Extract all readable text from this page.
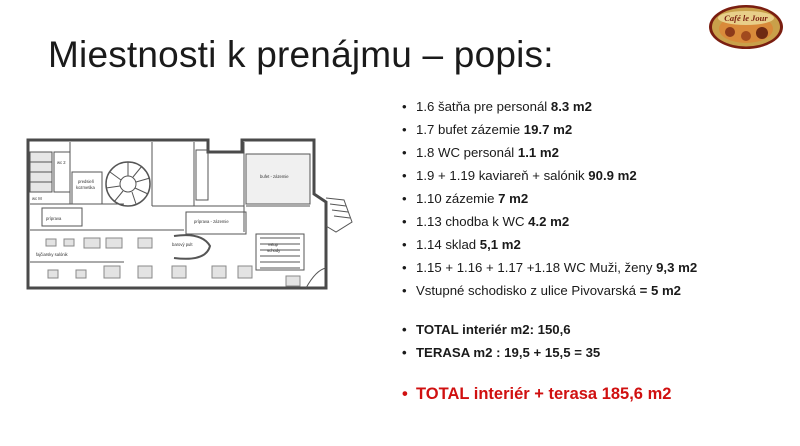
Miestnosti k prenájmu – popis:
Café le Jour
wc 2
predsieň
kozmetika
wc M
bufet - zázemie
príprava
príprava - zázemie
barový pult	vstup
schody
fajčiarsky salónik
• 1.6 šatňa pre personál 8.3 m2
• 1.7 bufet zázemie 19.7 m2
• 1.8 WC personál 1.1 m2
• 1.9 + 1.19 kaviareň + salónik 90.9 m2
• 1.10 zázemie 7 m2
• 1.13 chodba k WC 4.2 m2
• 1.14 sklad 5,1 m2
• 1.15 + 1.16 + 1.17 +1.18 WC Muži, ženy 9,3 m2
• Vstupné schodisko z ulice Pivovarská = 5 m2
• TOTAL interiér m2: 150,6
• TERASA m2 : 19,5 + 15,5 = 35
• TOTAL interiér + terasa 185,6 m2
